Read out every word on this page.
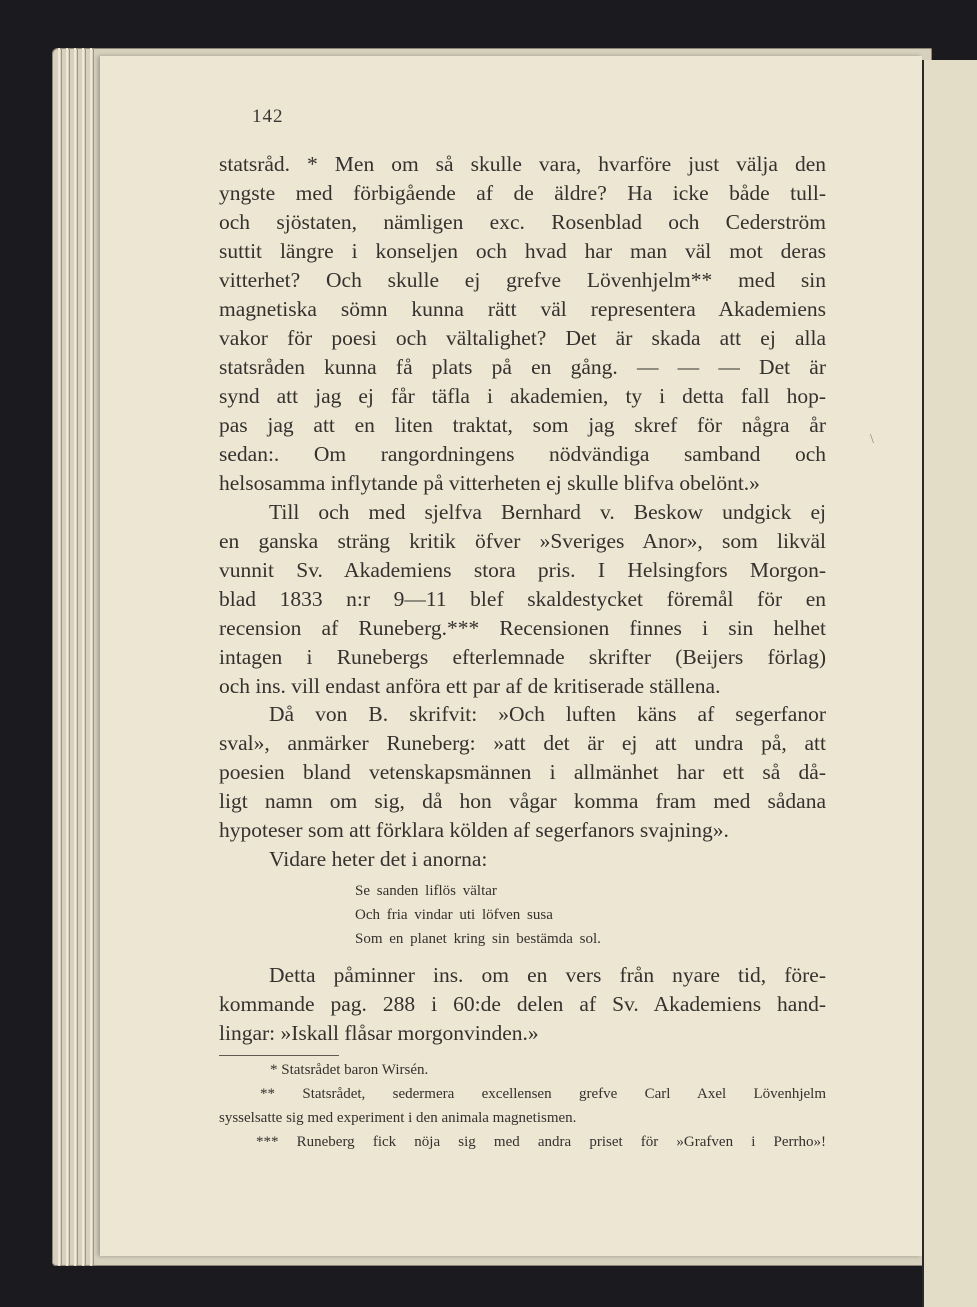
142
statsråd. * Men om så skulle vara, hvarföre just välja den
yngste med förbigående af de äldre? Ha icke både tull-
och sjöstaten, nämligen exc. Rosenblad och Cederström
suttit längre i konseljen och hvad har man väl mot deras
vitterhet? Och skulle ej grefve Lövenhjelm** med sin
magnetiska sömn kunna rätt väl representera Akademiens
vakor för poesi och vältalighet? Det är skada att ej alla
statsråden kunna få plats på en gång. — — — Det är
synd att jag ej får täfla i akademien, ty i detta fall hop-
pas jag att en liten traktat, som jag skref för några år
sedan:. Om rangordningens nödvändiga samband och
helsosamma inflytande på vitterheten ej skulle blifva obelönt.»
Till och med sjelfva Bernhard v. Beskow undgick ej
en ganska sträng kritik öfver »Sveriges Anor», som likväl
vunnit Sv. Akademiens stora pris. I Helsingfors Morgon-
blad 1833 n:r 9—11 blef skaldestycket föremål för en
recension af Runeberg.*** Recensionen finnes i sin helhet
intagen i Runebergs efterlemnade skrifter (Beijers förlag)
och ins. vill endast anföra ett par af de kritiserade ställena.
Då von B. skrifvit: »Och luften käns af segerfanor
sval», anmärker Runeberg: »att det är ej att undra på, att
poesien bland vetenskapsmännen i allmänhet har ett så då-
ligt namn om sig, då hon vågar komma fram med sådana
hypoteser som att förklara kölden af segerfanors svajning».
Vidare heter det i anorna:
Se sanden liflös vältar
Och fria vindar uti löfven susa
Som en planet kring sin bestämda sol.
Detta påminner ins. om en vers från nyare tid, före-
kommande pag. 288 i 60:de delen af Sv. Akademiens hand-
lingar: »Iskall flåsar morgonvinden.»
* Statsrådet baron Wirsén.
** Statsrådet, sedermera excellensen grefve Carl Axel Lövenhjelm
sysselsatte sig med experiment i den animala magnetismen.
*** Runeberg fick nöja sig med andra priset för »Grafven i Perrho»!
\
